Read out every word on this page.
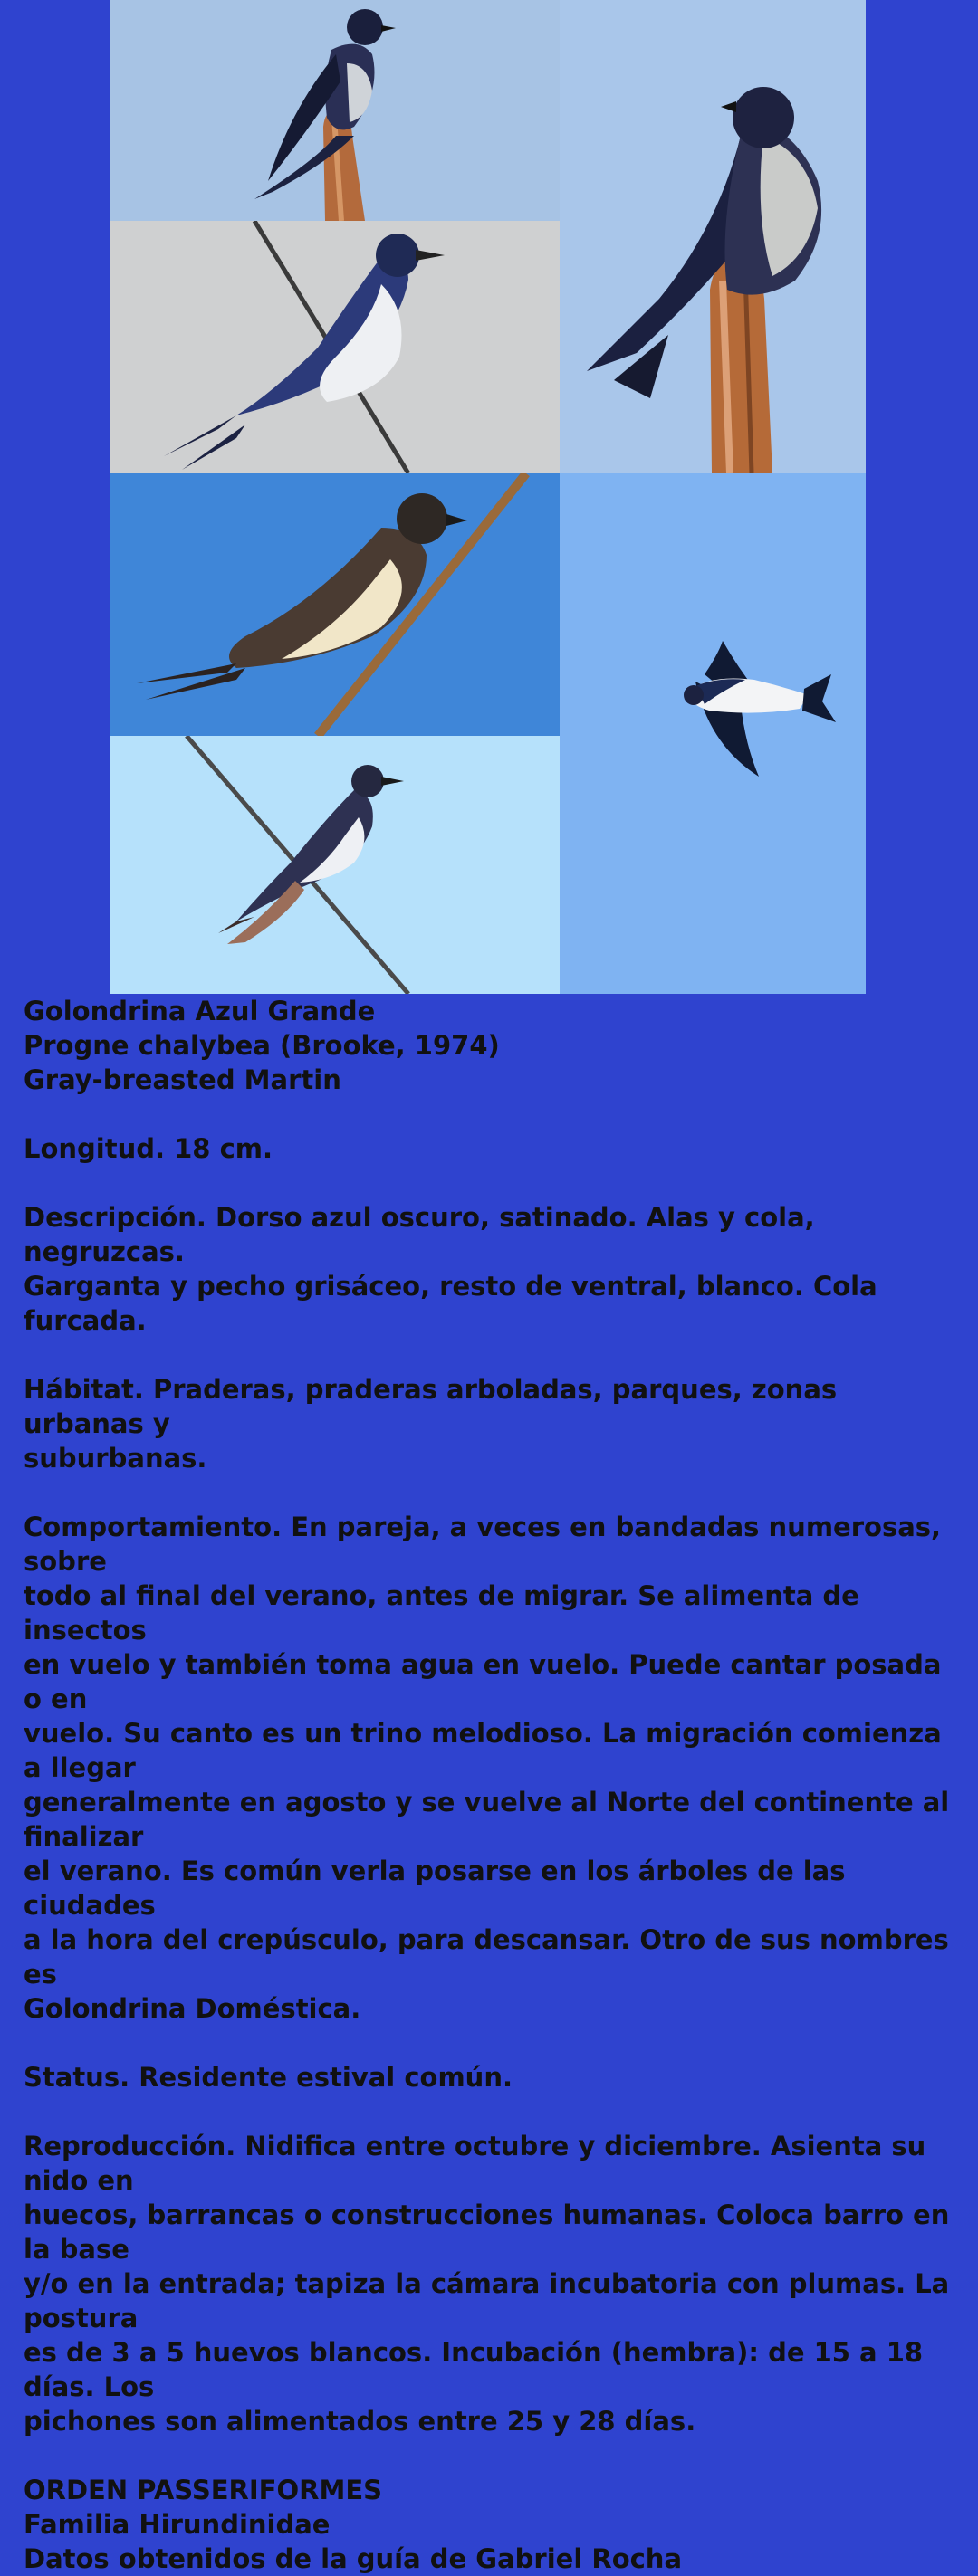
Golondrina Azul Grande

Progne chalybea (Brooke, 1974)

Gray-breasted Martin

Longitud. 18 cm.

Descripción. Dorso azul oscuro, satinado. Alas y cola, negruzcas.

Garganta y pecho grisáceo, resto de ventral, blanco. Cola furcada.

Hábitat. Praderas, praderas arboladas, parques, zonas urbanas y

suburbanas.

Comportamiento. En pareja, a veces en bandadas numerosas, sobre

todo al final del verano, antes de migrar. Se alimenta de insectos

en vuelo y también toma agua en vuelo. Puede cantar posada o en

vuelo. Su canto es un trino melodioso. La migración comienza a llegar

generalmente en agosto y se vuelve al Norte del continente al finalizar

el verano. Es común verla posarse en los árboles de las ciudades

a la hora del crepúsculo, para descansar. Otro de sus nombres es

Golondrina Doméstica.

Status. Residente estival común.

Reproducción. Nidifica entre octubre y diciembre. Asienta su nido en

huecos, barrancas o construcciones humanas. Coloca barro en la base

y/o en la entrada; tapiza la cámara incubatoria con plumas. La postura

es de 3 a 5 huevos blancos. Incubación (hembra): de 15 a 18 días. Los

pichones son alimentados entre 25 y 28 días.

ORDEN PASSERIFORMES

Familia Hirundinidae

Datos obtenidos de la guía de Gabriel Rocha
